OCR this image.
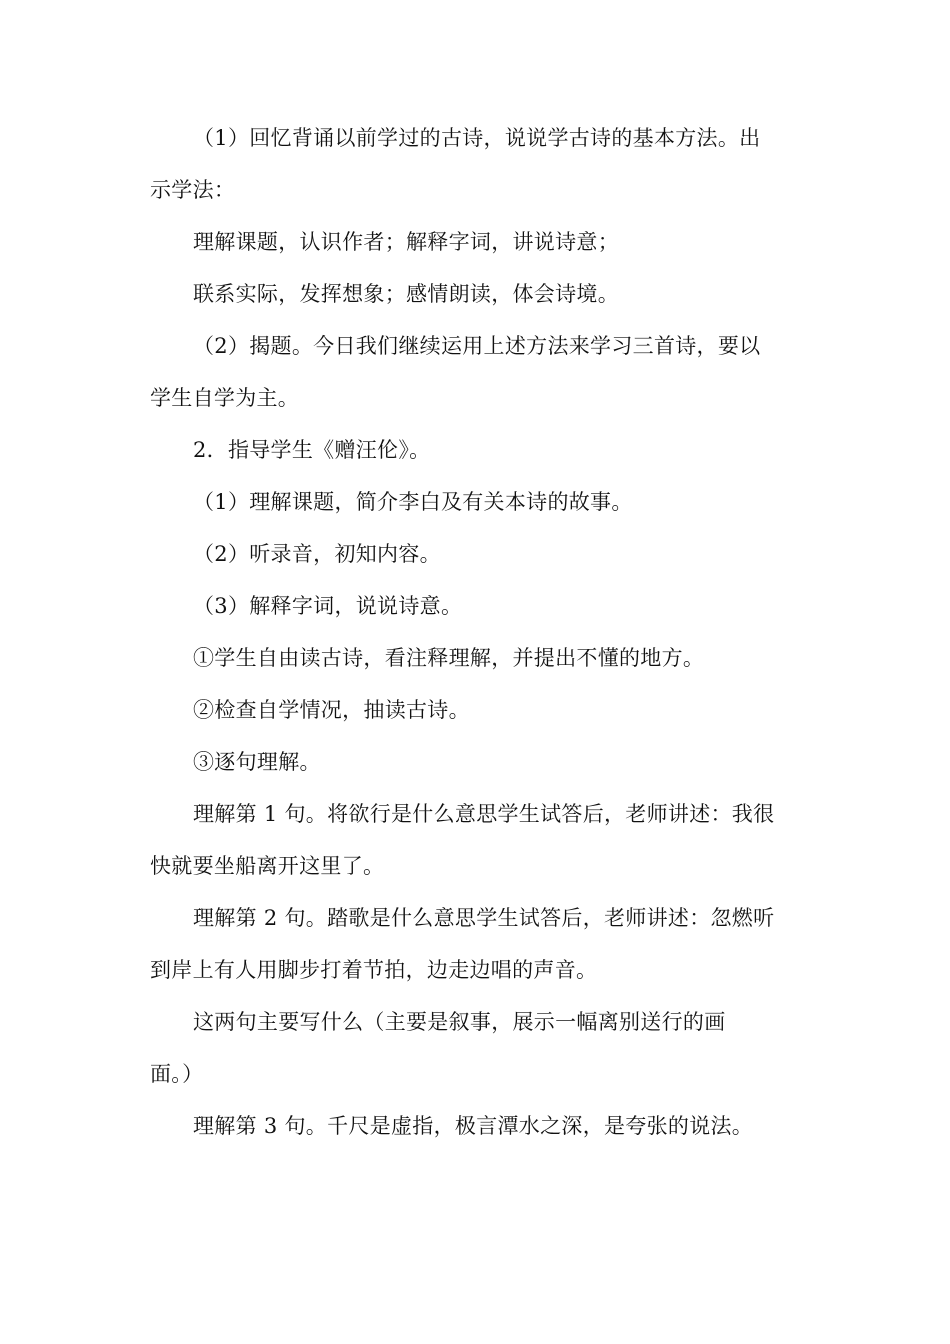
（1）回忆背诵以前学过的古诗，说说学古诗的基本方法。出
示学法：
理解课题，认识作者；解释字词，讲说诗意；
联系实际，发挥想象；感情朗读，体会诗境。
（2）揭题。今日我们继续运用上述方法来学习三首诗，要以
学生自学为主。
2．指导学生《赠汪伦》。
（1）理解课题，简介李白及有关本诗的故事。
（2）听录音，初知内容。
（3）解释字词，说说诗意。
①学生自由读古诗，看注释理解，并提出不懂的地方。
②检查自学情况，抽读古诗。
③逐句理解。
理解第 1 句。将欲行是什么意思学生试答后，老师讲述：我很
快就要坐船离开这里了。
理解第 2 句。踏歌是什么意思学生试答后，老师讲述：忽燃听
到岸上有人用脚步打着节拍，边走边唱的声音。
这两句主要写什么（主要是叙事，展示一幅离别送行的画
面。）
理解第 3 句。千尺是虚指，极言潭水之深，是夸张的说法。
